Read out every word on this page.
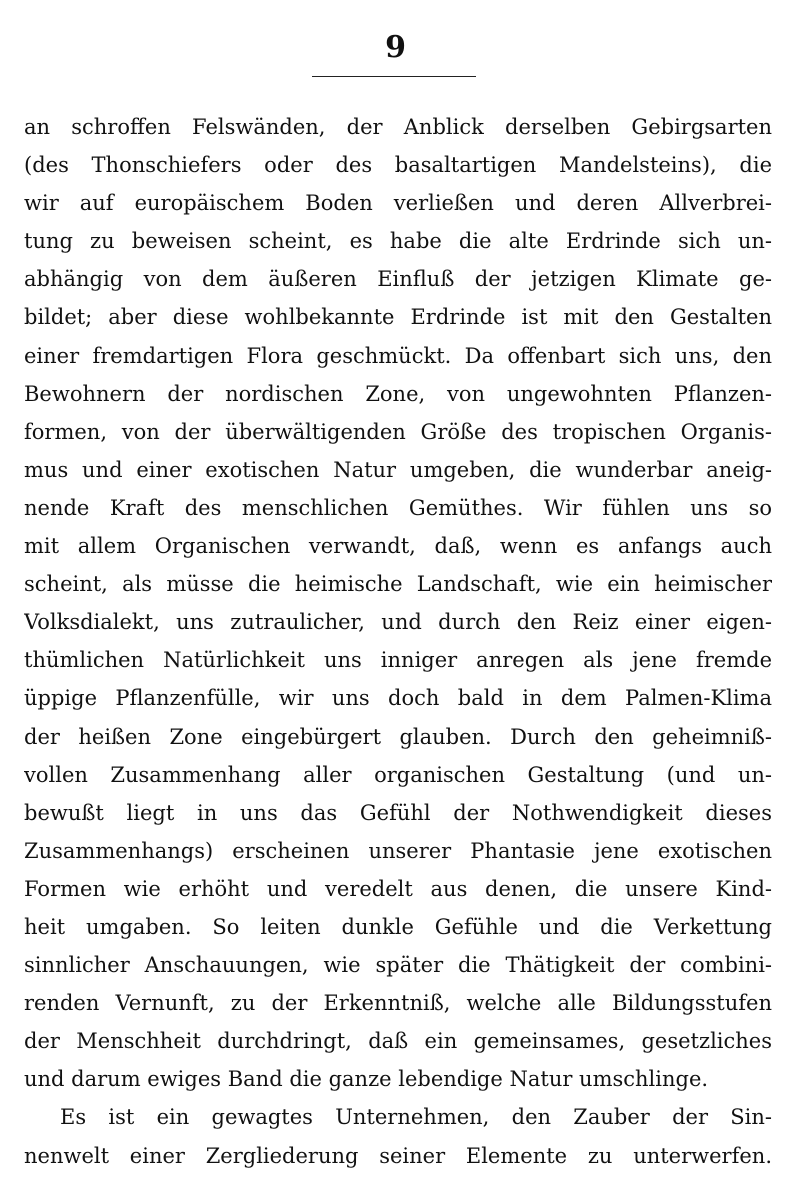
9
an schroffen Felswänden, der Anblick derselben Gebirgsarten
(des Thonschiefers oder des basaltartigen Mandelsteins), die
wir auf europäischem Boden verließen und deren Allverbrei-
tung zu beweisen scheint, es habe die alte Erdrinde sich un-
abhängig von dem äußeren Einfluß der jetzigen Klimate ge-
bildet; aber diese wohlbekannte Erdrinde ist mit den Gestalten
einer fremdartigen Flora geschmückt. Da offenbart sich uns, den
Bewohnern der nordischen Zone, von ungewohnten Pflanzen-
formen, von der überwältigenden Größe des tropischen Organis-
mus und einer exotischen Natur umgeben, die wunderbar aneig-
nende Kraft des menschlichen Gemüthes. Wir fühlen uns so
mit allem Organischen verwandt, daß, wenn es anfangs auch
scheint, als müsse die heimische Landschaft, wie ein heimischer
Volksdialekt, uns zutraulicher, und durch den Reiz einer eigen-
thümlichen Natürlichkeit uns inniger anregen als jene fremde
üppige Pflanzenfülle, wir uns doch bald in dem Palmen-Klima
der heißen Zone eingebürgert glauben. Durch den geheimniß-
vollen Zusammenhang aller organischen Gestaltung (und un-
bewußt liegt in uns das Gefühl der Nothwendigkeit dieses
Zusammenhangs) erscheinen unserer Phantasie jene exotischen
Formen wie erhöht und veredelt aus denen, die unsere Kind-
heit umgaben. So leiten dunkle Gefühle und die Verkettung
sinnlicher Anschauungen, wie später die Thätigkeit der combini-
renden Vernunft, zu der Erkenntniß, welche alle Bildungsstufen
der Menschheit durchdringt, daß ein gemeinsames, gesetzliches
und darum ewiges Band die ganze lebendige Natur umschlinge.
Es ist ein gewagtes Unternehmen, den Zauber der Sin-
nenwelt einer Zergliederung seiner Elemente zu unterwerfen.
